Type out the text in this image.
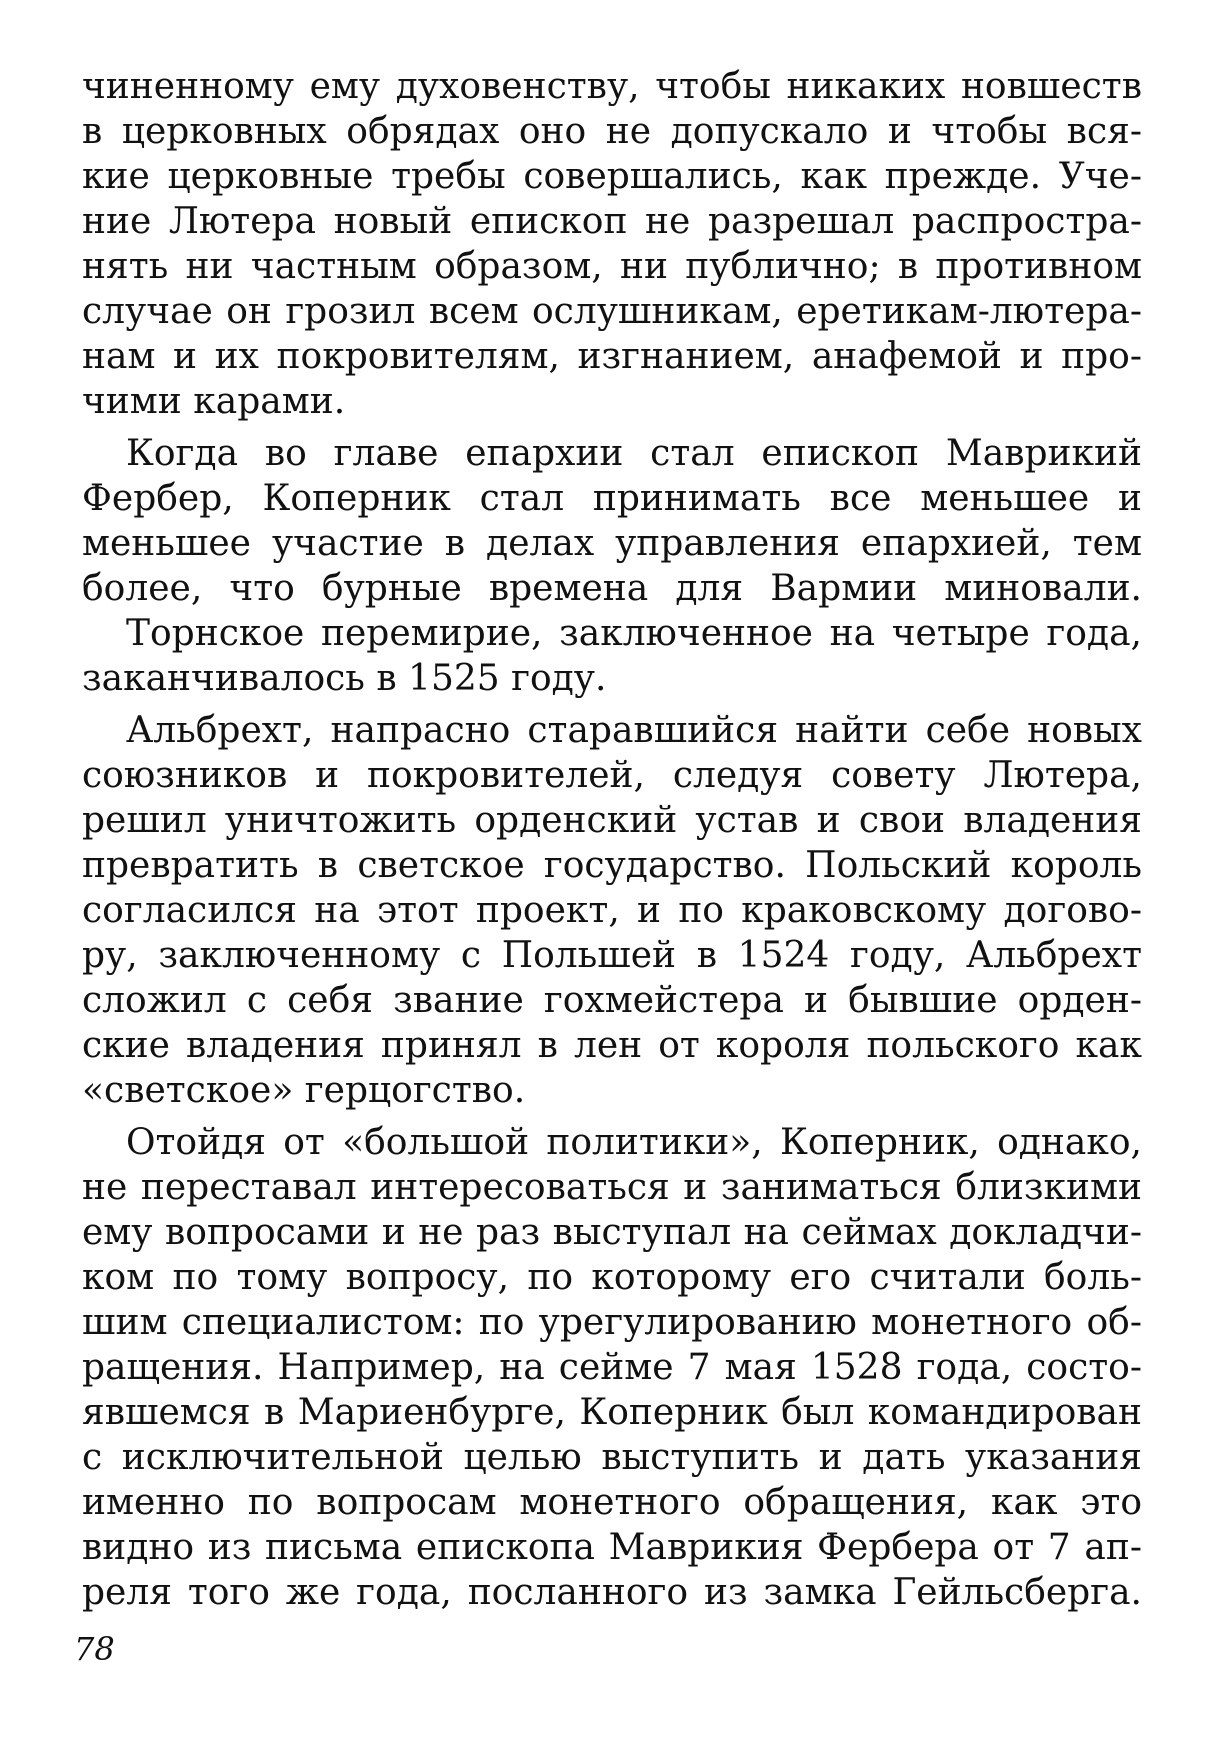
чиненному ему духовенству, чтобы никаких новшеств
в церковных обрядах оно не допускало и чтобы вся-
кие церковные требы совершались, как прежде. Уче-
ние Лютера новый епископ не разрешал распростра-
нять ни частным образом, ни публично; в противном
случае он грозил всем ослушникам, еретикам-лютера-
нам и их покровителям, изгнанием, анафемой и про-
чими карами.
Когда во главе епархии стал епископ Маврикий
Фербер, Коперник стал принимать все меньшее и
меньшее участие в делах управления епархией, тем
более, что бурные времена для Вармии миновали.
Торнское перемирие, заключенное на четыре года,
заканчивалось в 1525 году.
Альбрехт, напрасно старавшийся найти себе новых
союзников и покровителей, следуя совету Лютера,
решил уничтожить орденский устав и свои владения
превратить в светское государство. Польский король
согласился на этот проект, и по краковскому догово-
ру, заключенному с Польшей в 1524 году, Альбрехт
сложил с себя звание гохмейстера и бывшие орден-
ские владения принял в лен от короля польского как
«светское» герцогство.
Отойдя от «большой политики», Коперник, однако,
не переставал интересоваться и заниматься близкими
ему вопросами и не раз выступал на сеймах докладчи-
ком по тому вопросу, по которому его считали боль-
шим специалистом: по урегулированию монетного об-
ращения. Например, на сейме 7 мая 1528 года, состо-
явшемся в Мариенбурге, Коперник был командирован
с исключительной целью выступить и дать указания
именно по вопросам монетного обращения, как это
видно из письма епископа Маврикия Фербера от 7 ап-
реля того же года, посланного из замка Гейльсберга.
78
